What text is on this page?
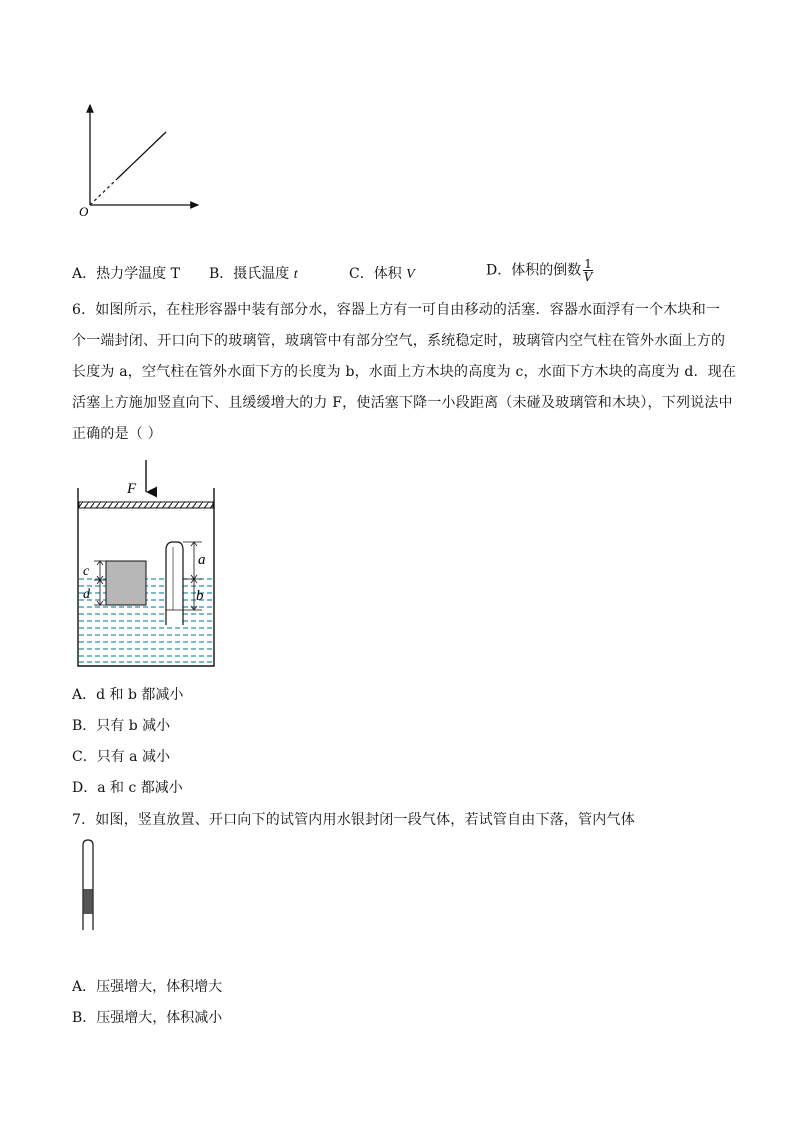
O
A．热力学温度 T B．摄氏温度 t	C．体积 V	D．体积的倒数 $\frac{1}{V}$
6．如图所示，在柱形容器中装有部分水，容器上方有一可自由移动的活塞．容器水面浮有一个木块和一
个一端封闭、开口向下的玻璃管，玻璃管中有部分空气，系统稳定时，玻璃管内空气柱在管外水面上方的
长度为 a，空气柱在管外水面下方的长度为 b，水面上方木块的高度为 c，水面下方木块的高度为 d．现在
活塞上方施加竖直向下、且缓缓增大的力 F，使活塞下降一小段距离（未碰及玻璃管和木块），下列说法中
正确的是（ ）
F
c
d
a
b
A．d 和 b 都减小
B．只有 b 减小
C．只有 a 减小
D．a 和 c 都减小
7．如图，竖直放置、开口向下的试管内用水银封闭一段气体，若试管自由下落，管内气体
A．压强增大，体积增大
B．压强增大，体积减小
